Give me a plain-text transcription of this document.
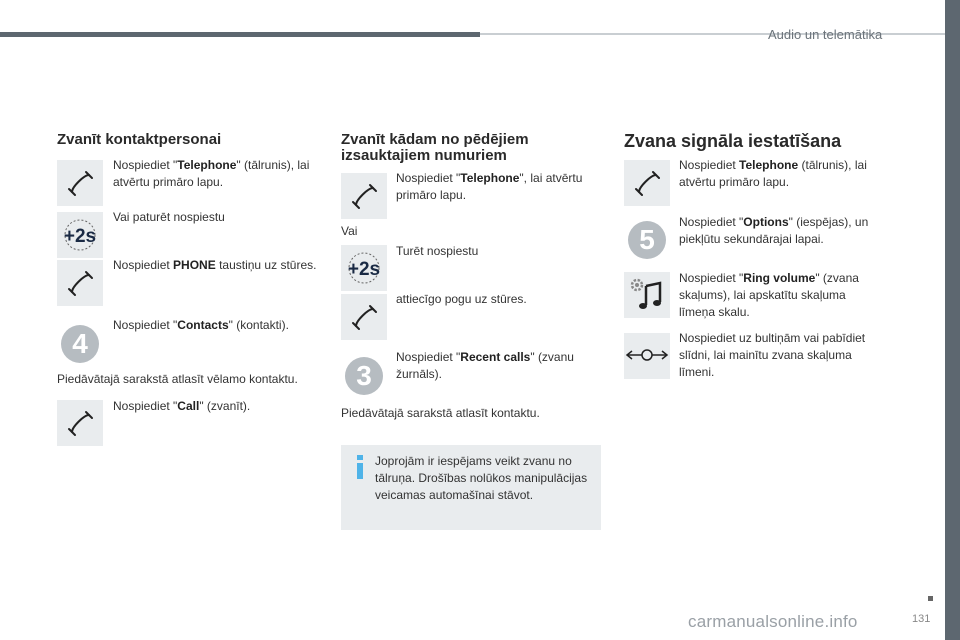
Audio un telemātika
Zvanīt kontaktpersonai
Nospiediet "Telephone" (tālrunis), lai atvērtu primāro lapu.
+2s
Vai paturēt nospiestu
Nospiediet PHONE taustiņu uz stūres.
4
Nospiediet "Contacts" (kontakti).
Piedāvātajā sarakstā atlasīt vēlamo kontaktu.
Nospiediet "Call" (zvanīt).
Zvanīt kādam no pēdējiem izsauktajiem numuriem
Nospiediet "Telephone", lai atvērtu primāro lapu.
Vai
+2s
Turēt nospiestu
attiecīgo pogu uz stūres.
3
Nospiediet "Recent calls" (zvanu žurnāls).
Piedāvātajā sarakstā atlasīt kontaktu.
Joprojām ir iespējams veikt zvanu no tālruņa. Drošības nolūkos manipulācijas veicamas automašīnai stāvot.
Zvana signāla iestatīšana
Nospiediet Telephone (tālrunis), lai atvērtu primāro lapu.
5
Nospiediet "Options" (iespējas), un piekļūtu sekundārajai lapai.
Nospiediet "Ring volume" (zvana skaļums), lai apskatītu skaļuma līmeņa skalu.
Nospiediet uz bultiņām vai pabīdiet slīdni, lai mainītu zvana skaļuma līmeni.
carmanualsonline.info	131
